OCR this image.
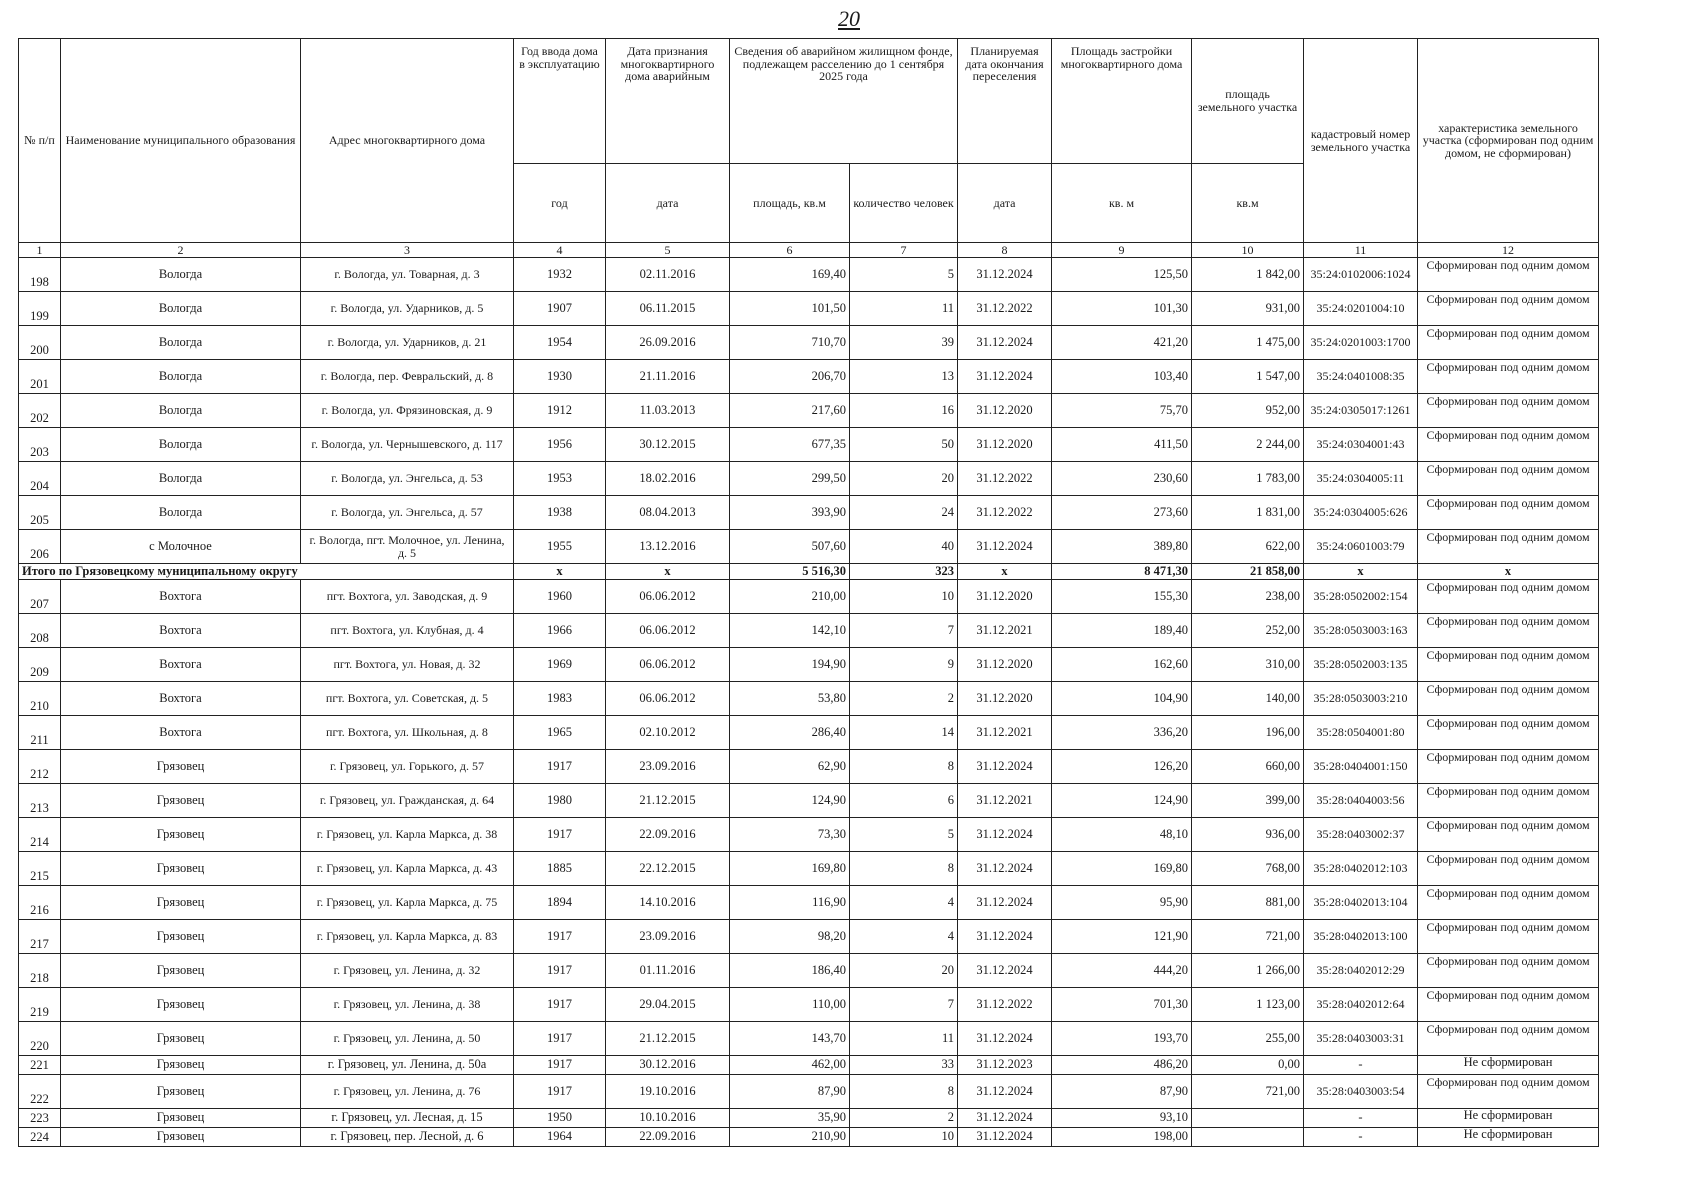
20
№ п/п	Наименование муниципального образования	Адрес многоквартирного дома	Год ввода дома в эксплуатацию	Дата признания многоквартирного дома аварийным	Сведения об аварийном жилищном фонде, подлежащем расселению до 1 сентября 2025 года		Планируемая дата окончания переселения	Площадь застройки многоквартирного дома	площадь земельного участка	кадастровый номер земельного участка	характеристика земельного участка (сформирован под одним домом, не сформирован)
			год	дата	площадь, кв.м	количество человек	дата	кв. м	кв.м		
1	2	3	4	5	6	7	8	9	10	11	12
198	Вологда	г. Вологда, ул. Товарная, д. 3	1932	02.11.2016	169,40	5	31.12.2024	125,50	1 842,00	35:24:0102006:1024	Сформирован под одним домом
199	Вологда	г. Вологда, ул. Ударников, д. 5	1907	06.11.2015	101,50	11	31.12.2022	101,30	931,00	35:24:0201004:10	Сформирован под одним домом
200	Вологда	г. Вологда, ул. Ударников, д. 21	1954	26.09.2016	710,70	39	31.12.2024	421,20	1 475,00	35:24:0201003:1700	Сформирован под одним домом
201	Вологда	г. Вологда, пер. Февральский, д. 8	1930	21.11.2016	206,70	13	31.12.2024	103,40	1 547,00	35:24:0401008:35	Сформирован под одним домом
202	Вологда	г. Вологда, ул. Фрязиновская, д. 9	1912	11.03.2013	217,60	16	31.12.2020	75,70	952,00	35:24:0305017:1261	Сформирован под одним домом
203	Вологда	г. Вологда, ул. Чернышевского, д. 117	1956	30.12.2015	677,35	50	31.12.2020	411,50	2 244,00	35:24:0304001:43	Сформирован под одним домом
204	Вологда	г. Вологда, ул. Энгельса, д. 53	1953	18.02.2016	299,50	20	31.12.2022	230,60	1 783,00	35:24:0304005:11	Сформирован под одним домом
205	Вологда	г. Вологда, ул. Энгельса, д. 57	1938	08.04.2013	393,90	24	31.12.2022	273,60	1 831,00	35:24:0304005:626	Сформирован под одним домом
206	с Молочное	г. Вологда, пгт. Молочное, ул. Ленина, д. 5	1955	13.12.2016	507,60	40	31.12.2024	389,80	622,00	35:24:0601003:79	Сформирован под одним домом
Итого по Грязовецкому муниципальному округу			х	х	5 516,30	323	х	8 471,30	21 858,00	х	х
207	Вохтога	пгт. Вохтога, ул. Заводская, д. 9	1960	06.06.2012	210,00	10	31.12.2020	155,30	238,00	35:28:0502002:154	Сформирован под одним домом
208	Вохтога	пгт. Вохтога, ул. Клубная, д. 4	1966	06.06.2012	142,10	7	31.12.2021	189,40	252,00	35:28:0503003:163	Сформирован под одним домом
209	Вохтога	пгт. Вохтога, ул. Новая, д. 32	1969	06.06.2012	194,90	9	31.12.2020	162,60	310,00	35:28:0502003:135	Сформирован под одним домом
210	Вохтога	пгт. Вохтога, ул. Советская, д. 5	1983	06.06.2012	53,80	2	31.12.2020	104,90	140,00	35:28:0503003:210	Сформирован под одним домом
211	Вохтога	пгт. Вохтога, ул. Школьная, д. 8	1965	02.10.2012	286,40	14	31.12.2021	336,20	196,00	35:28:0504001:80	Сформирован под одним домом
212	Грязовец	г. Грязовец, ул. Горького, д. 57	1917	23.09.2016	62,90	8	31.12.2024	126,20	660,00	35:28:0404001:150	Сформирован под одним домом
213	Грязовец	г. Грязовец, ул. Гражданская, д. 64	1980	21.12.2015	124,90	6	31.12.2021	124,90	399,00	35:28:0404003:56	Сформирован под одним домом
214	Грязовец	г. Грязовец, ул. Карла Маркса, д. 38	1917	22.09.2016	73,30	5	31.12.2024	48,10	936,00	35:28:0403002:37	Сформирован под одним домом
215	Грязовец	г. Грязовец, ул. Карла Маркса, д. 43	1885	22.12.2015	169,80	8	31.12.2024	169,80	768,00	35:28:0402012:103	Сформирован под одним домом
216	Грязовец	г. Грязовец, ул. Карла Маркса, д. 75	1894	14.10.2016	116,90	4	31.12.2024	95,90	881,00	35:28:0402013:104	Сформирован под одним домом
217	Грязовец	г. Грязовец, ул. Карла Маркса, д. 83	1917	23.09.2016	98,20	4	31.12.2024	121,90	721,00	35:28:0402013:100	Сформирован под одним домом
218	Грязовец	г. Грязовец, ул. Ленина, д. 32	1917	01.11.2016	186,40	20	31.12.2024	444,20	1 266,00	35:28:0402012:29	Сформирован под одним домом
219	Грязовец	г. Грязовец, ул. Ленина, д. 38	1917	29.04.2015	110,00	7	31.12.2022	701,30	1 123,00	35:28:0402012:64	Сформирован под одним домом
220	Грязовец	г. Грязовец, ул. Ленина, д. 50	1917	21.12.2015	143,70	11	31.12.2024	193,70	255,00	35:28:0403003:31	Сформирован под одним домом
221	Грязовец	г. Грязовец, ул. Ленина, д. 50а	1917	30.12.2016	462,00	33	31.12.2023	486,20	0,00	-	Не сформирован
222	Грязовец	г. Грязовец, ул. Ленина, д. 76	1917	19.10.2016	87,90	8	31.12.2024	87,90	721,00	35:28:0403003:54	Сформирован под одним домом
223	Грязовец	г. Грязовец, ул. Лесная, д. 15	1950	10.10.2016	35,90	2	31.12.2024	93,10		-	Не сформирован
224	Грязовец	г. Грязовец, пер. Лесной, д. 6	1964	22.09.2016	210,90	10	31.12.2024	198,00		-	Не сформирован
